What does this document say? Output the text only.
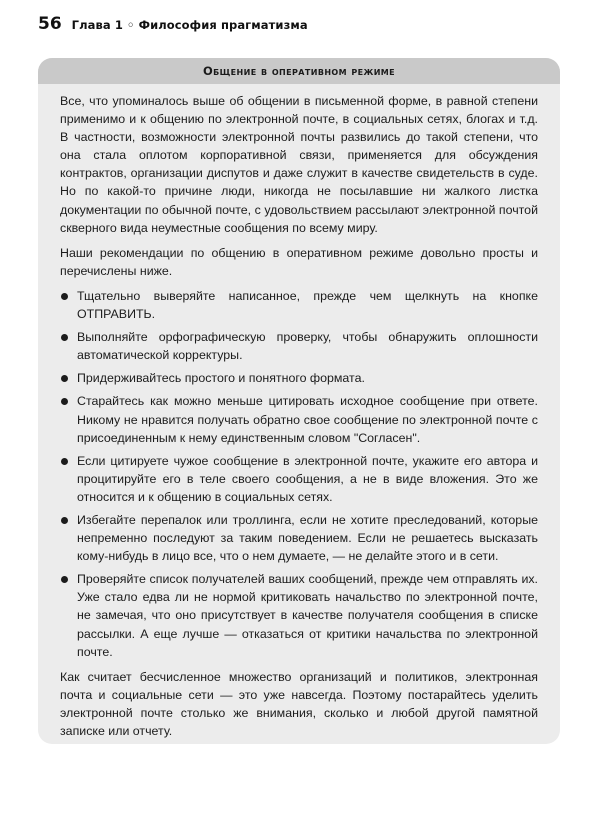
56 Глава 1 ◦ Философия прагматизма
Общение в оперативном режиме

Все, что упоминалось выше об общении в письменной форме, в равной степени применимо и к общению по электронной почте, в социальных сетях, блогах и т.д. В частности, возможности электронной почты развились до такой степени, что она стала оплотом корпоративной связи, применяется для обсуждения контрактов, организации диспутов и даже служит в качестве свидетельств в суде. Но по какой-то причине люди, никогда не посылавшие ни жалкого листка документации по обычной почте, с удовольствием рассылают электронной почтой скверного вида неуместные сообщения по всему миру.

Наши рекомендации по общению в оперативном режиме довольно просты и перечислены ниже.

Тщательно выверяйте написанное, прежде чем щелкнуть на кнопке ОТПРАВИТЬ.
Выполняйте орфографическую проверку, чтобы обнаружить оплошности автоматической корректуры.
Придерживайтесь простого и понятного формата.
Старайтесь как можно меньше цитировать исходное сообщение при ответе. Никому не нравится получать обратно свое сообщение по электронной почте с присоединенным к нему единственным словом "Согласен".
Если цитируете чужое сообщение в электронной почте, укажите его автора и процитируйте его в теле своего сообщения, а не в виде вложения. Это же относится и к общению в социальных сетях.
Избегайте перепалок или троллинга, если не хотите преследований, которые непременно последуют за таким поведением. Если не решаетесь высказать кому-нибудь в лицо все, что о нем думаете, — не делайте этого и в сети.
Проверяйте список получателей ваших сообщений, прежде чем отправлять их. Уже стало едва ли не нормой критиковать начальство по электронной почте, не замечая, что оно присутствует в качестве получателя сообщения в списке рассылки. А еще лучше — отказаться от критики начальства по электронной почте.

Как считает бесчисленное множество организаций и политиков, электронная почта и социальные сети — это уже навсегда. Поэтому постарайтесь уделить электронной почте столько же внимания, сколько и любой другой памятной записке или отчету.
